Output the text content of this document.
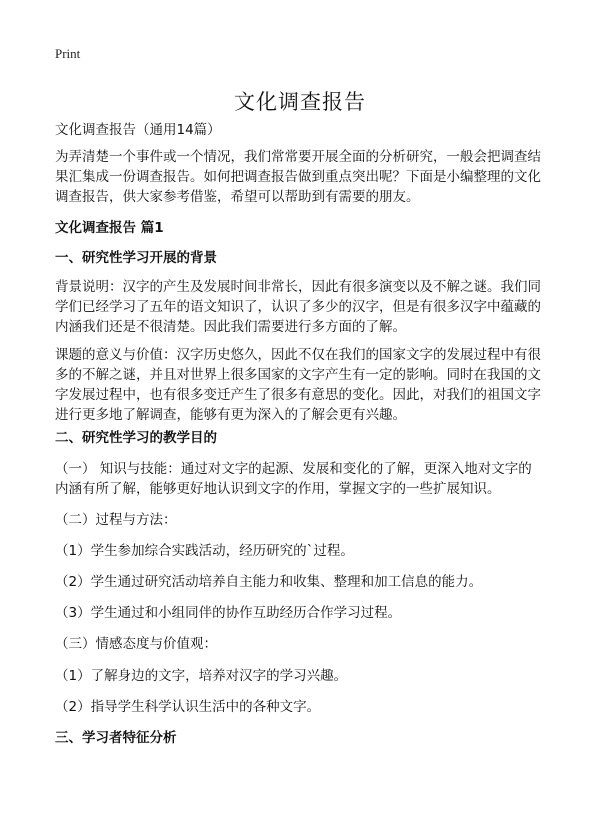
Print
文化调查报告
文化调查报告（通用14篇）
为弄清楚一个事件或一个情况，我们常常要开展全面的分析研究，一般会把调查结
果汇集成一份调查报告。如何把调查报告做到重点突出呢？下面是小编整理的文化
调查报告，供大家参考借鉴，希望可以帮助到有需要的朋友。
文化调查报告 篇1
一、研究性学习开展的背景
背景说明：汉字的产生及发展时间非常长，因此有很多演变以及不解之谜。我们同
学们已经学习了五年的语文知识了，认识了多少的汉字，但是有很多汉字中蕴藏的
内涵我们还是不很清楚。因此我们需要进行多方面的了解。
课题的意义与价值：汉字历史悠久，因此不仅在我们的国家文字的发展过程中有很
多的不解之谜，并且对世界上很多国家的文字产生有一定的影响。同时在我国的文
字发展过程中，也有很多变迁产生了很多有意思的变化。因此，对我们的祖国文字
进行更多地了解调查，能够有更为深入的了解会更有兴趣。
二、研究性学习的教学目的
（一） 知识与技能：通过对文字的起源、发展和变化的了解，更深入地对文字的
内涵有所了解，能够更好地认识到文字的作用，掌握文字的一些扩展知识。
（二）过程与方法：
（1）学生参加综合实践活动，经历研究的`过程。
（2）学生通过研究活动培养自主能力和收集、整理和加工信息的能力。
（3）学生通过和小组同伴的协作互助经历合作学习过程。
（三）情感态度与价值观：
（1）了解身边的文字，培养对汉字的学习兴趣。
（2）指导学生科学认识生活中的各种文字。
三、学习者特征分析
